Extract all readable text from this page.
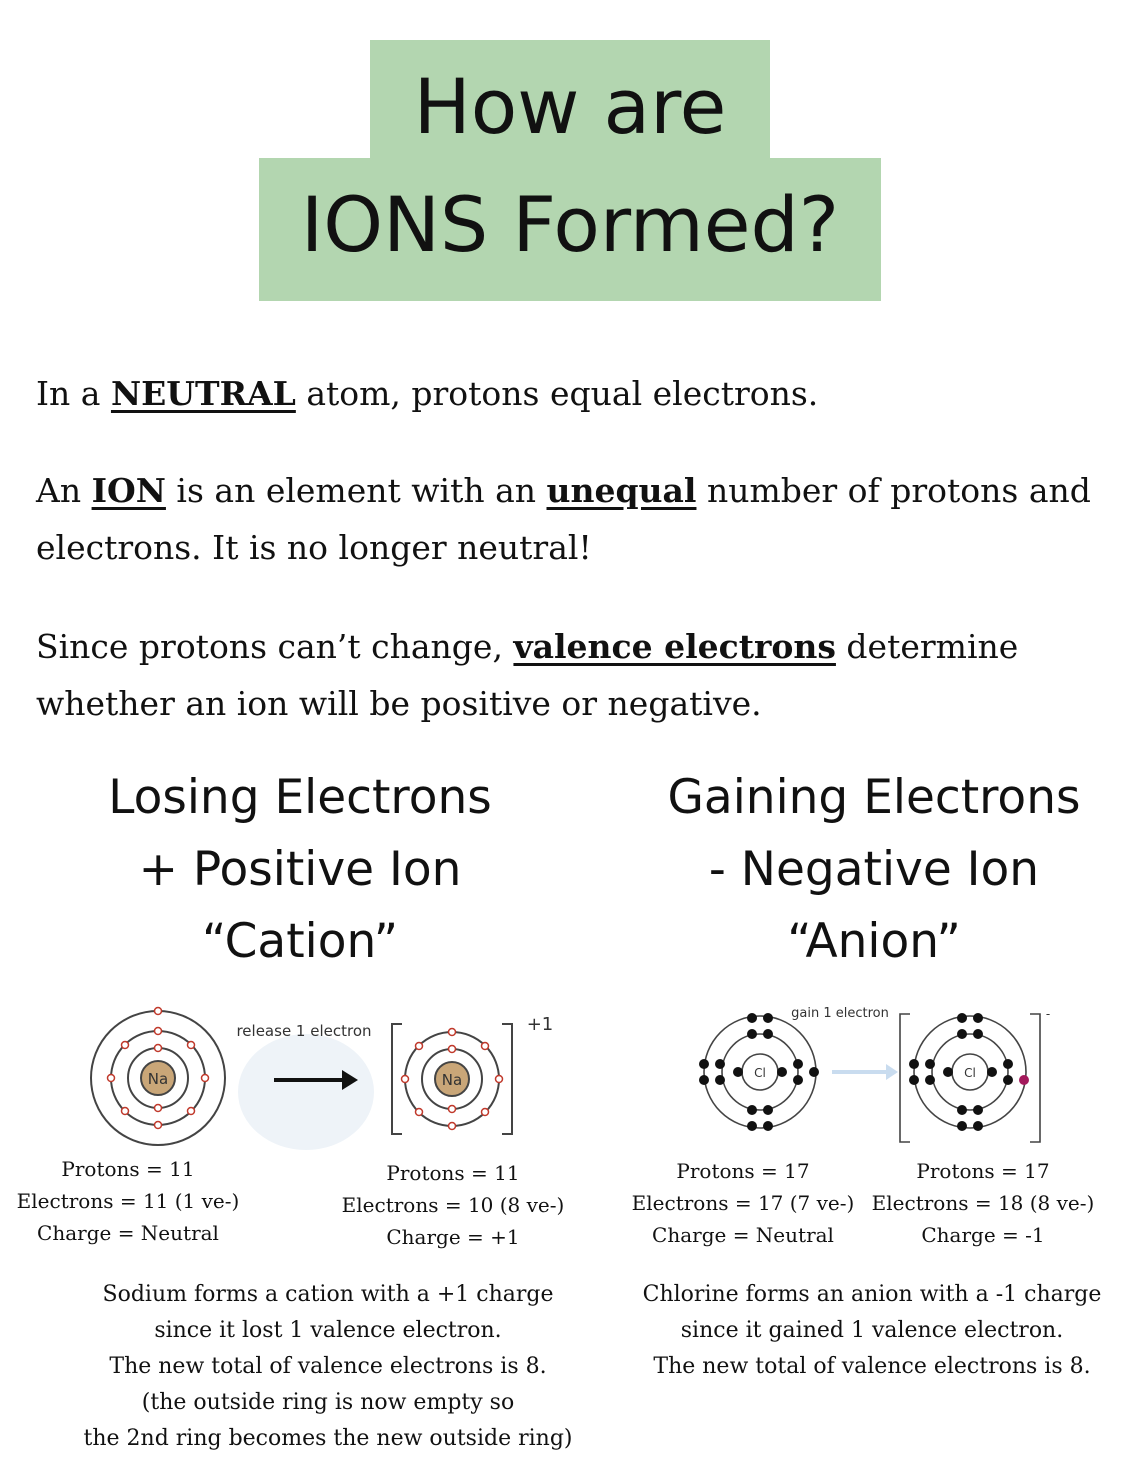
How are
IONS Formed?
In a NEUTRAL atom, protons equal electrons.
An ION is an element with an unequal number of protons and electrons. It is no longer neutral!
Since protons can’t change, valence electrons determine whether an ion will be positive or negative.
Losing Electrons
+ Positive Ion
“Cation”
Gaining Electrons
- Negative Ion
“Anion”
Na
release 1 electron
Na
+1
Cl
gain 1 electron
Cl
-
Protons = 11
Electrons = 11 (1 ve-)
Charge = Neutral
Protons = 11
Electrons = 10 (8 ve-)
Charge = +1
Protons = 17
Electrons = 17 (7 ve-)
Charge = Neutral
Protons = 17
Electrons = 18 (8 ve-)
Charge = -1
Sodium forms a cation with a +1 charge
since it lost 1 valence electron.
The new total of valence electrons is 8.
(the outside ring is now empty so
the 2nd ring becomes the new outside ring)
Chlorine forms an anion with a -1 charge
since it gained 1 valence electron.
The new total of valence electrons is 8.
